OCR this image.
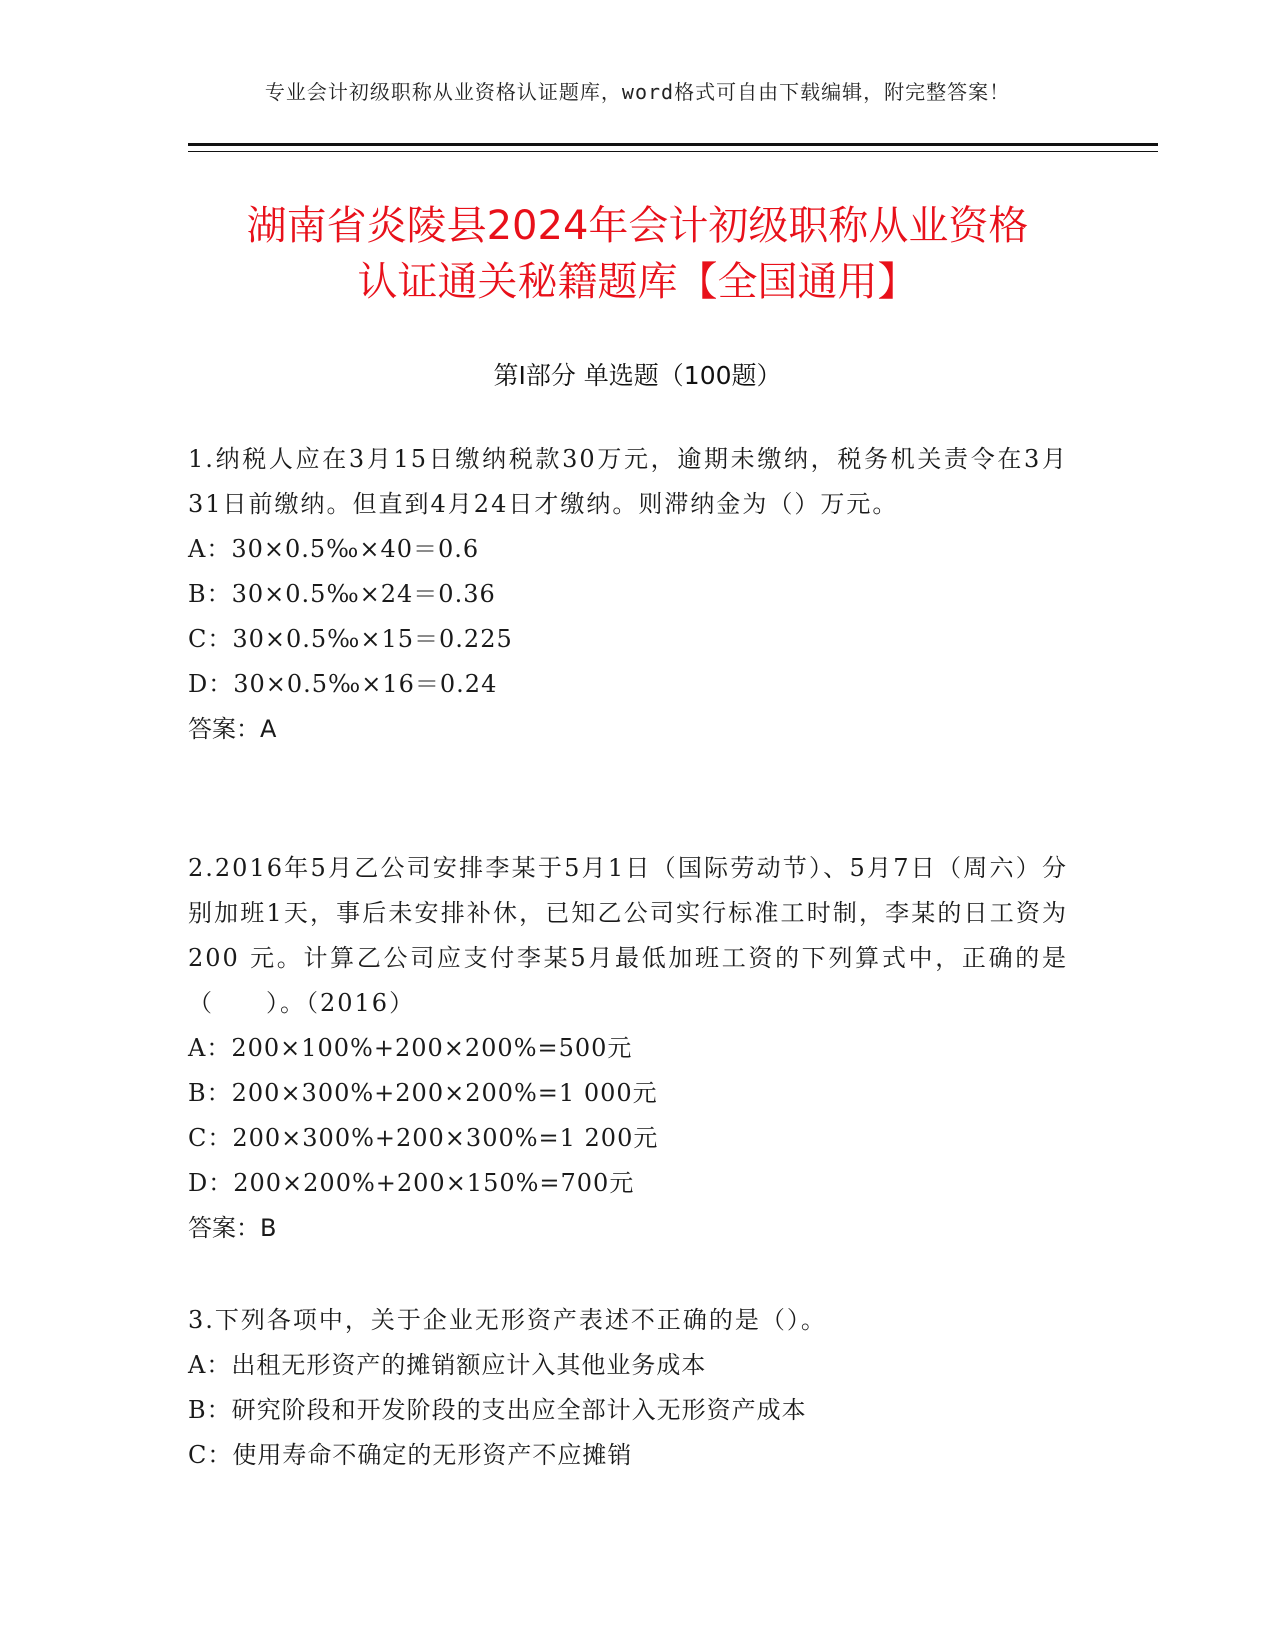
专业会计初级职称从业资格认证题库，word格式可自由下载编辑，附完整答案！
湖南省炎陵县2024年会计初级职称从业资格
认证通关秘籍题库【全国通用】
第Ⅰ部分 单选题（100题）
1.纳税人应在3月15日缴纳税款30万元，逾期未缴纳，税务机关责令在3月31日前缴纳。但直到4月24日才缴纳。则滞纳金为（）万元。
A：30×0.5‰×40＝0.6
B：30×0.5‰×24＝0.36
C：30×0.5‰×15＝0.225
D：30×0.5‰×16＝0.24
答案：A
2.2016年5月乙公司安排李某于5月1日（国际劳动节）、5月7日（周六）分别加班1天，事后未安排补休，已知乙公司实行标准工时制，李某的日工资为200 元。计算乙公司应支付李某5月最低加班工资的下列算式中，正确的是（　　）。（2016）
A：200×100%+200×200%=500元
B：200×300%+200×200%=1 000元
C：200×300%+200×300%=1 200元
D：200×200%+200×150%=700元
答案：B
3.下列各项中，关于企业无形资产表述不正确的是（）。
A：出租无形资产的摊销额应计入其他业务成本
B：研究阶段和开发阶段的支出应全部计入无形资产成本
C：使用寿命不确定的无形资产不应摊销
